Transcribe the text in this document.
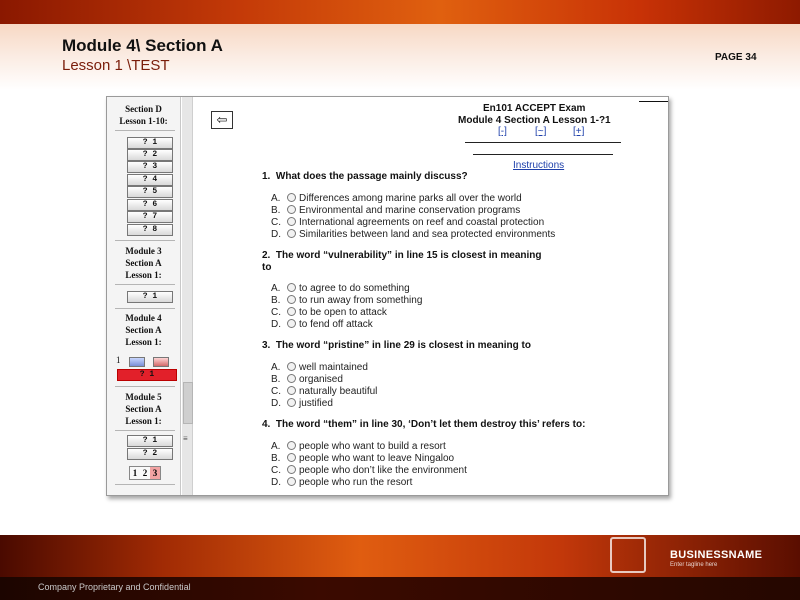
Module 4\ Section A
Lesson 1 \TEST	PAGE 34
Section D
Lesson 1-10:
? 1
? 2
? 3
? 4
? 5
? 6
? 7
? 8
Module 3
Section A
Lesson 1:
? 1
Module 4
Section A
Lesson 1:
1
? 1
Module 5
Section A
Lesson 1:
? 1
? 2
1 2 3
≡
⇦
En101 ACCEPT Exam
Module 4 Section A Lesson 1-?1
[-]	[~]	[+]
Instructions
1. What does the passage mainly discuss?
A. Differences among marine parks all over the world
B. Environmental and marine conservation programs
C. International agreements on reef and coastal protection
D. Similarities between land and sea protected environments
2. The word “vulnerability” in line 15 is closest in meaning
to
A. to agree to do something
B. to run away from something
C. to be open to attack
D. to fend off attack
3. The word “pristine” in line 29 is closest in meaning to
A. well maintained
B. organised
C. naturally beautiful
D. justified
4. The word “them” in line 30, ‘Don’t let them destroy this’ refers to:
A. people who want to build a resort
B. people who want to leave Ningaloo
C. people who don’t like the environment
D. people who run the resort
Company Proprietary and Confidential
BUSINESSNAME
Enter tagline here
